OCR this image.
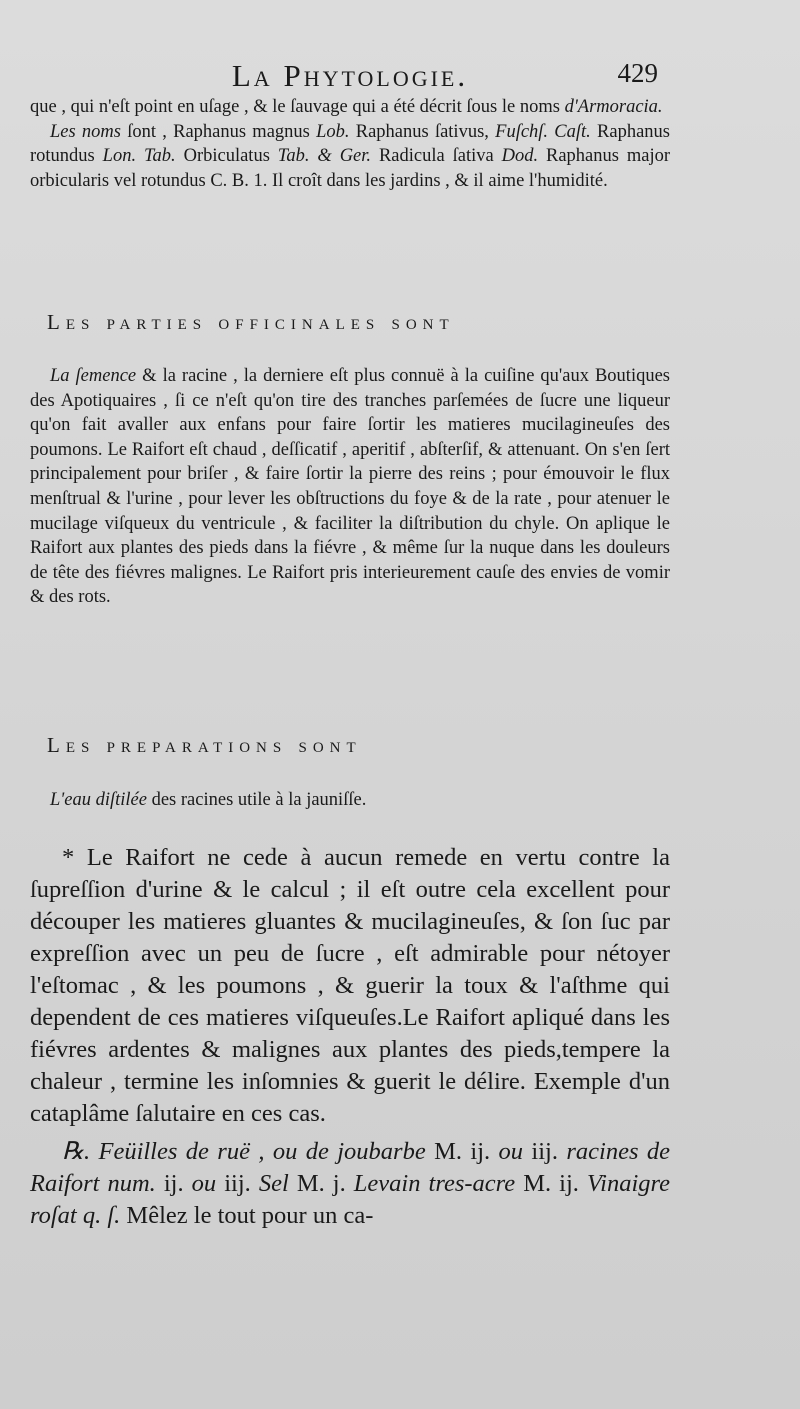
La Phytologie.	429

que , qui n'eſt point en uſage , & le ſauvage qui a été décrit ſous le noms d'Armoracia.

Les noms ſont , Raphanus magnus Lob. Raphanus ſativus, Fuſchſ. Caſt. Raphanus rotundus Lon. Tab. Orbiculatus Tab. & Ger. Radicula ſativa Dod. Raphanus major orbicularis vel rotundus C. B. 1. Il croît dans les jardins , & il aime l'humidité.

Les parties officinales sont

La ſemence & la racine , la derniere eſt plus connuë à la cuiſine qu'aux Boutiques des Apotiquaires , ſi ce n'eſt qu'on tire des tranches parſemées de ſucre une liqueur qu'on fait avaller aux enfans pour faire ſortir les matieres mucilagineuſes des poumons. Le Raifort eſt chaud , deſſicatif , aperitif , abſterſif, & attenuant. On s'en ſert principalement pour briſer , & faire ſortir la pierre des reins ; pour émouvoir le flux menſtrual & l'urine , pour lever les obſtructions du foye & de la rate , pour atenuer le mucilage viſqueux du ventricule , & faciliter la diſtribution du chyle. On aplique le Raifort aux plantes des pieds dans la fiévre , & même ſur la nuque dans les douleurs de tête des fiévres malignes. Le Raifort pris interieurement cauſe des envies de vomir & des rots.

Les preparations sont

L'eau diſtilée des racines utile à la jauniſſe.

* Le Raifort ne cede à aucun remede en vertu contre la ſupreſſion d'urine & le calcul ; il eſt outre cela excellent pour découper les matieres gluantes & mucilagineuſes, & ſon ſuc par expreſſion avec un peu de ſucre , eſt admirable pour nétoyer l'eſtomac , & les poumons , & guerir la toux & l'aſthme qui dependent de ces matieres viſqueuſes.Le Raifort apliqué dans les fiévres ardentes & malignes aux plantes des pieds,tempere la chaleur , termine les inſomnies & guerit le délire. Exemple d'un cataplâme ſalutaire en ces cas.

℞. Feüilles de ruë , ou de joubarbe M. ij. ou iij. racines de Raifort num. ij. ou iij. Sel M. j. Levain tres-acre M. ij. Vinaigre roſat q. ſ. Mêlez le tout pour un ca-
